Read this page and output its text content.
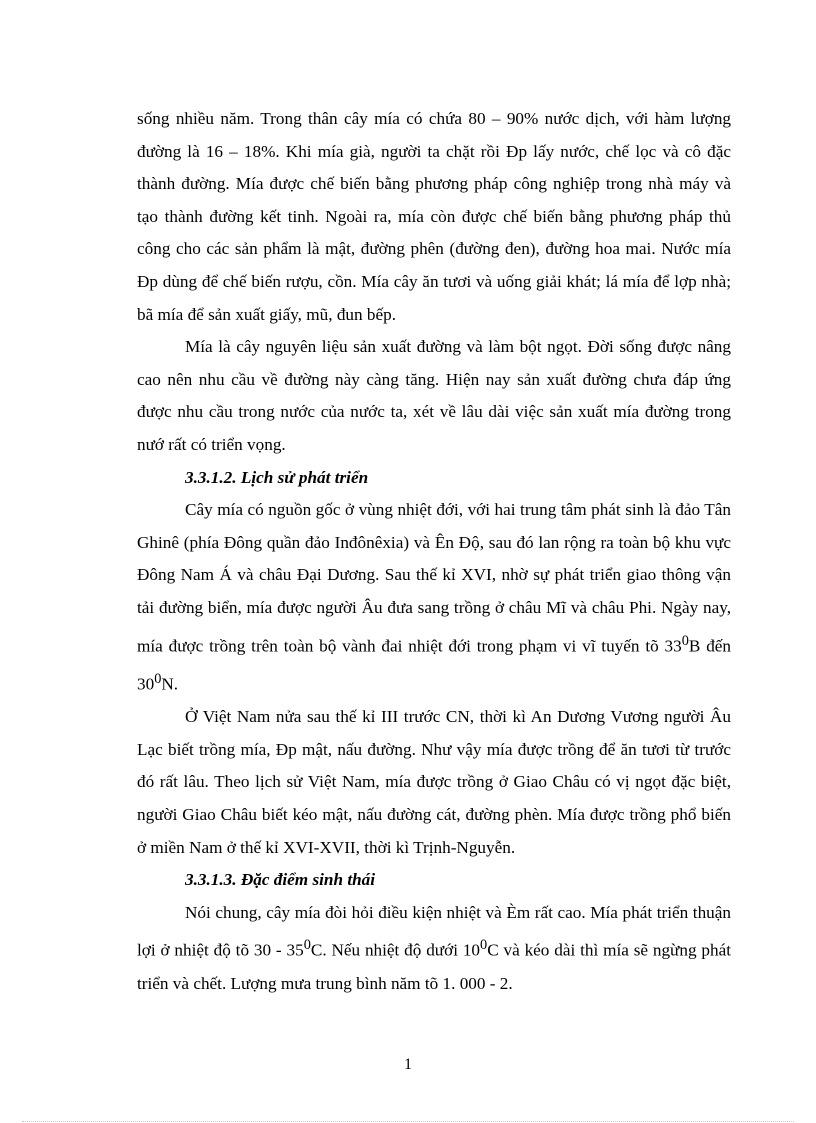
sống nhiều năm. Trong thân cây mía có chứa 80 – 90% nước dịch, với hàm lượng đường là 16 – 18%. Khi mía già, người ta chặt rồi Ðp lấy nước, chế lọc và cô đặc thành đường. Mía được chế biến bằng phương pháp công nghiệp trong nhà máy và tạo thành đường kết tinh. Ngoài ra, mía còn được chế biến bằng phương pháp thủ công cho các sản phẩm là mật, đường phên (đường đen), đường hoa mai. Nước mía Ðp dùng để chế biến rượu, cồn. Mía cây ăn tươi và uống giải khát; lá mía để lợp nhà; bã mía để sản xuất giấy, mũ, đun bếp.

Mía là cây nguyên liệu sản xuất đường và làm bột ngọt. Đời sống được nâng cao nên nhu cầu về đường này càng tăng. Hiện nay sản xuất đường chưa đáp ứng được nhu cầu trong nước của nước ta, xét về lâu dài việc sản xuất mía đường trong nướ rất có triển vọng.

3.3.1.2. Lịch sử phát triển

Cây mía có nguồn gốc ở vùng nhiệt đới, với hai trung tâm phát sinh là đảo Tân Ghinê (phía Đông quần đảo Inđônêxia) và Ên Độ, sau đó lan rộng ra toàn bộ khu vực Đông Nam Á và châu Đại Dương. Sau thế kỉ XVI, nhờ sự phát triển giao thông vận tải đường biển, mía được người Âu đưa sang trồng ở châu Mĩ và châu Phi. Ngày nay, mía được trồng trên toàn bộ vành đai nhiệt đới trong phạm vi vĩ tuyến tõ $33^0B$ đến $30^0N$.

Ở Việt Nam nửa sau thế kỉ III trước CN, thời kì An Dương Vương người Âu Lạc biết trồng mía, Ðp mật, nấu đường. Như vậy mía được trồng để ăn tươi từ trước đó rất lâu. Theo lịch sử Việt Nam, mía được trồng ở Giao Châu có vị ngọt đặc biệt, người Giao Châu biết kéo mật, nấu đường cát, đường phèn. Mía được trồng phổ biến ở miền Nam ở thế kỉ XVI-XVII, thời kì Trịnh-Nguyễn.

3.3.1.3. Đặc điểm sinh thái

Nói chung, cây mía đòi hỏi điều kiện nhiệt và Èm rất cao. Mía phát triển thuận lợi ở nhiệt độ tõ $30 - 35^0C$. Nếu nhiệt độ dưới $10^0C$ và kéo dài thì mía sẽ ngừng phát triển và chết. Lượng mưa trung bình năm tõ 1. 000 - 2.

1
